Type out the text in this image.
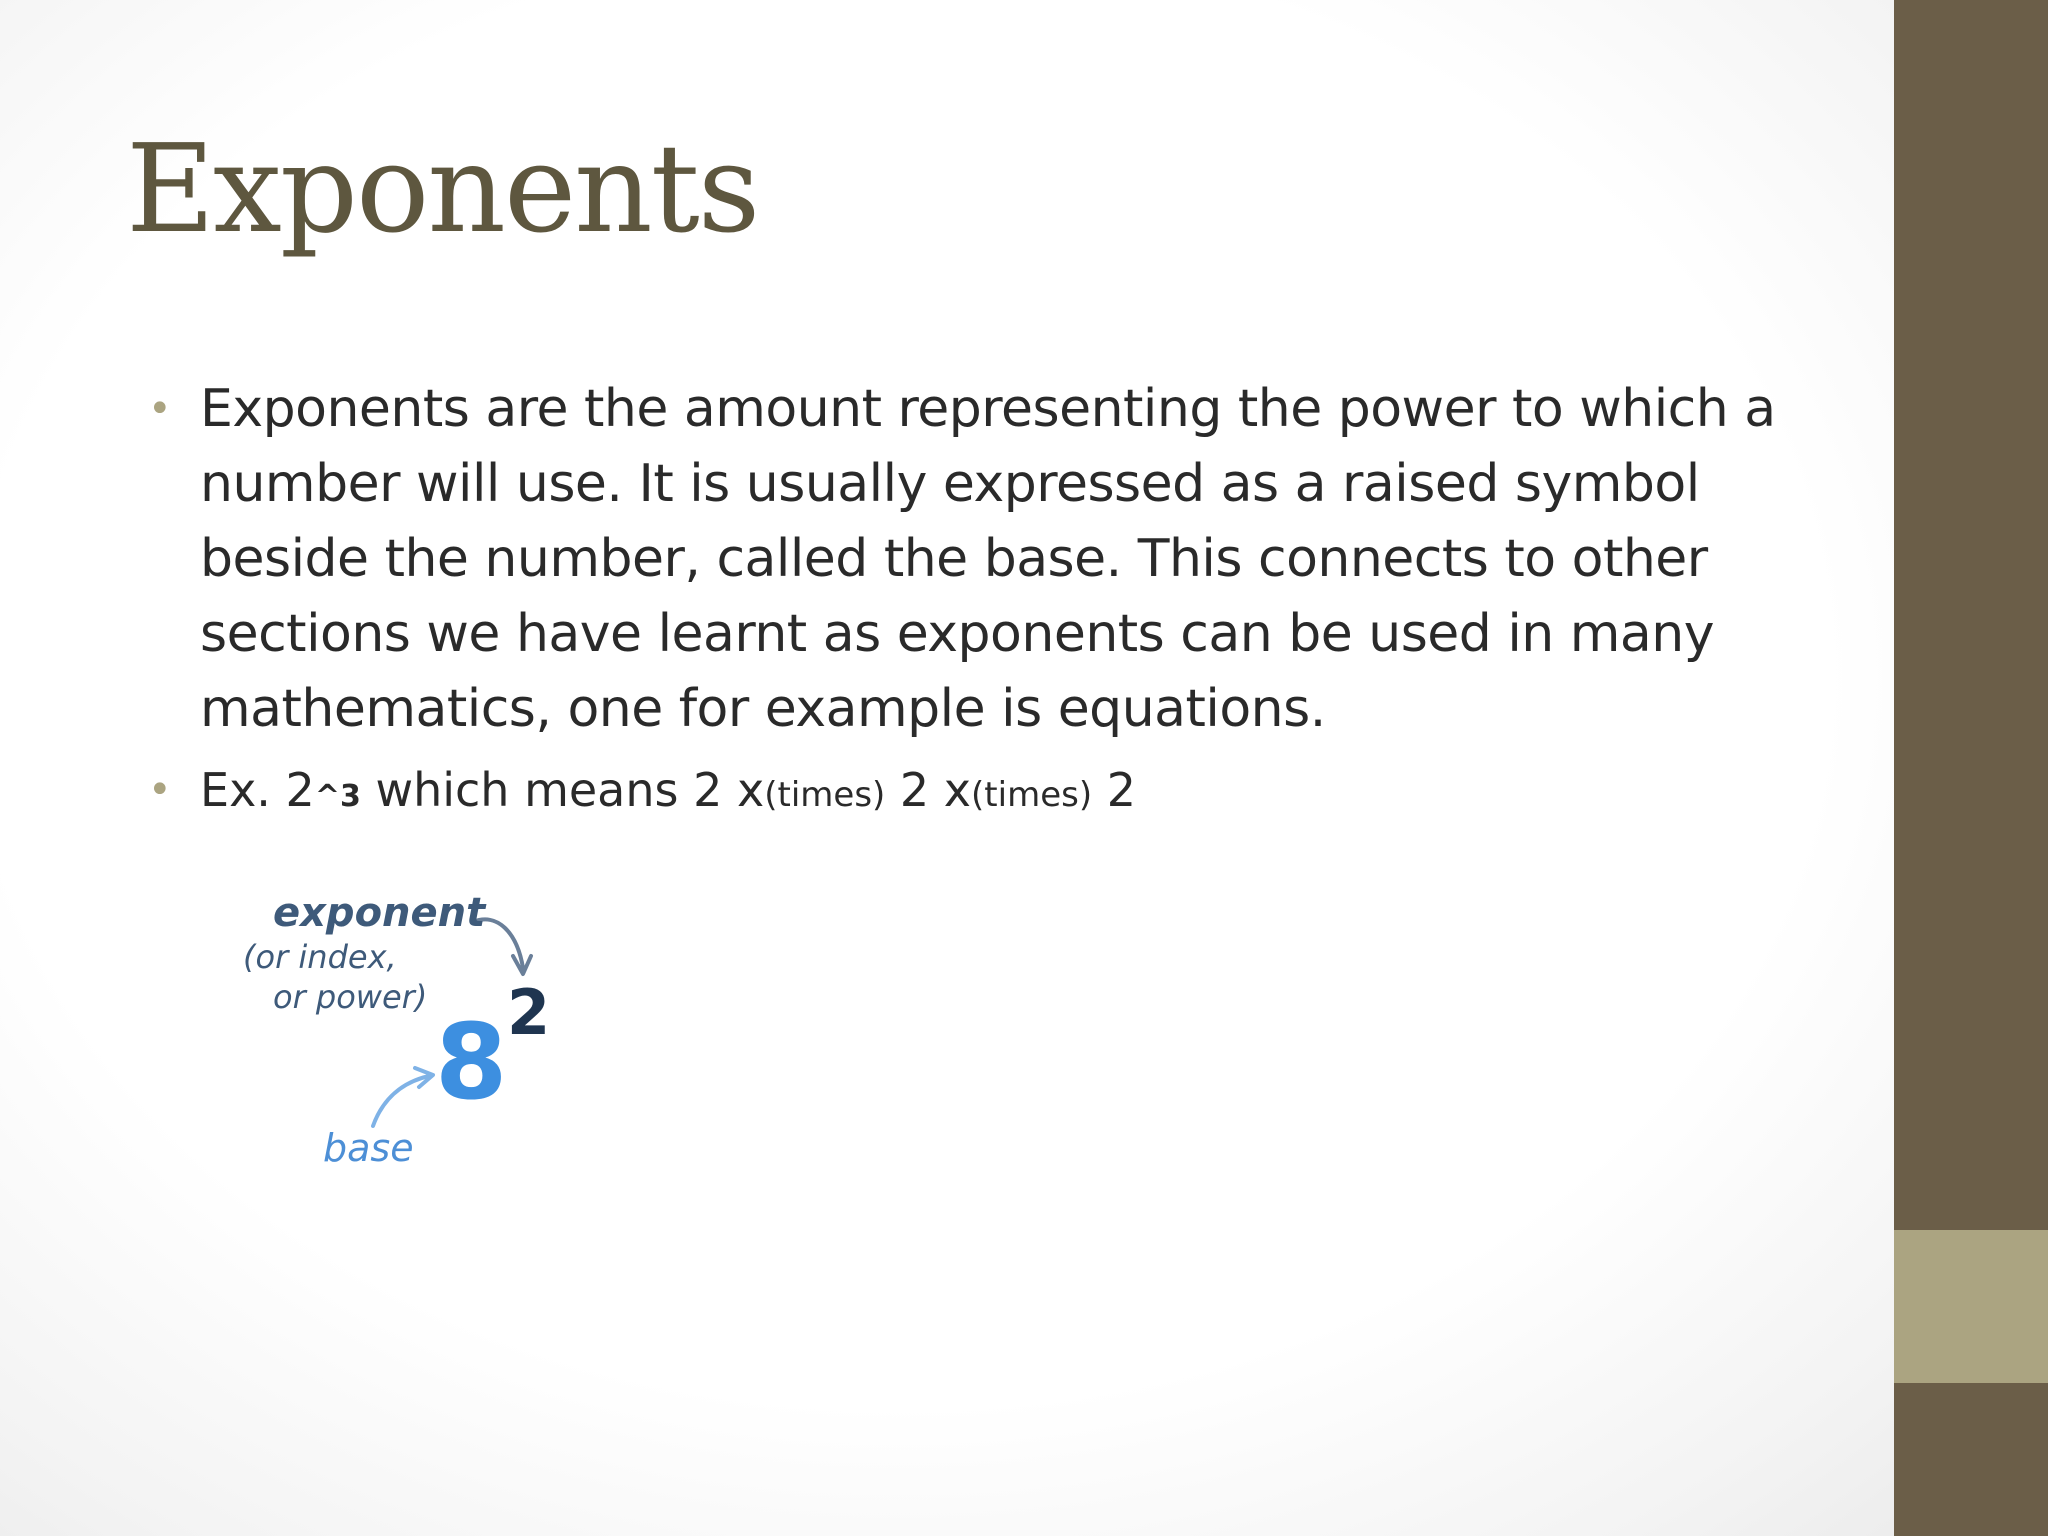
Exponents
• Exponents are the amount representing the power to which a number will use. It is usually expressed as a raised symbol beside the number, called the base. This connects to other sections we have learnt as exponents can be used in many mathematics, one for example is equations.
• Ex. 2^3 which means 2 x(times) 2 x(times) 2
exponent
(or index,
or power)
8 2
base
